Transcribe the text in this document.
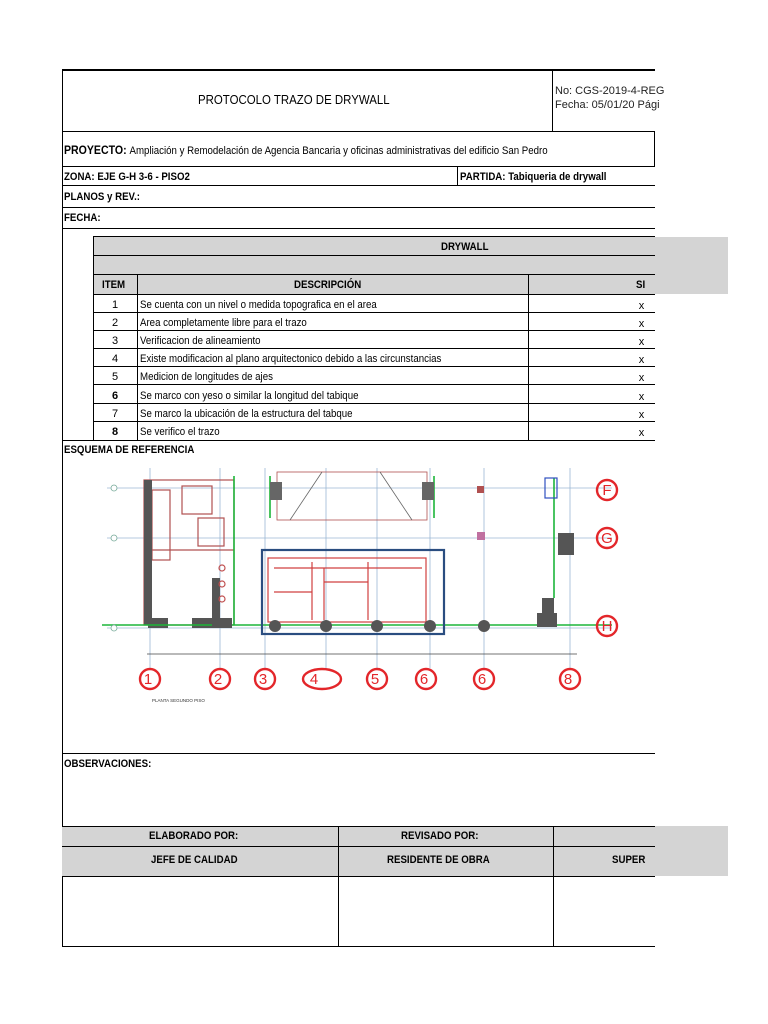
PROTOCOLO TRAZO DE DRYWALL
No: CGS-2019-4-REG
Fecha: 05/01/20 Pági
PROYECTO: Ampliación y Remodelación de Agencia Bancaria y oficinas administrativas del edificio San Pedro
ZONA: EJE G-H 3-6 - PISO2	PARTIDA: Tabiqueria de drywall
PLANOS y REV.:
FECHA:
DRYWALL
ITEM	DESCRIPCIÓN	SI
1	Se cuenta con un nivel o medida topografica en el area	x
2	Area completamente libre para el trazo	x
3	Verificacion de alineamiento	x
4	Existe modificacion al plano arquitectonico debido a las circunstancias	x
5	Medicion de longitudes de ajes	x
6	Se marco con yeso o similar la longitud del tabique	x
7	Se marco la ubicación de la estructura del tabque	x
8	Se verifico el trazo	x
ESQUEMA DE REFERENCIA
1	2 3	4	5	6	6	8
F
G
H
PLANTA SEGUNDO PISO
OBSERVACIONES:
ELABORADO POR:	REVISADO POR:
JEFE DE CALIDAD	RESIDENTE DE OBRA	SUPER
